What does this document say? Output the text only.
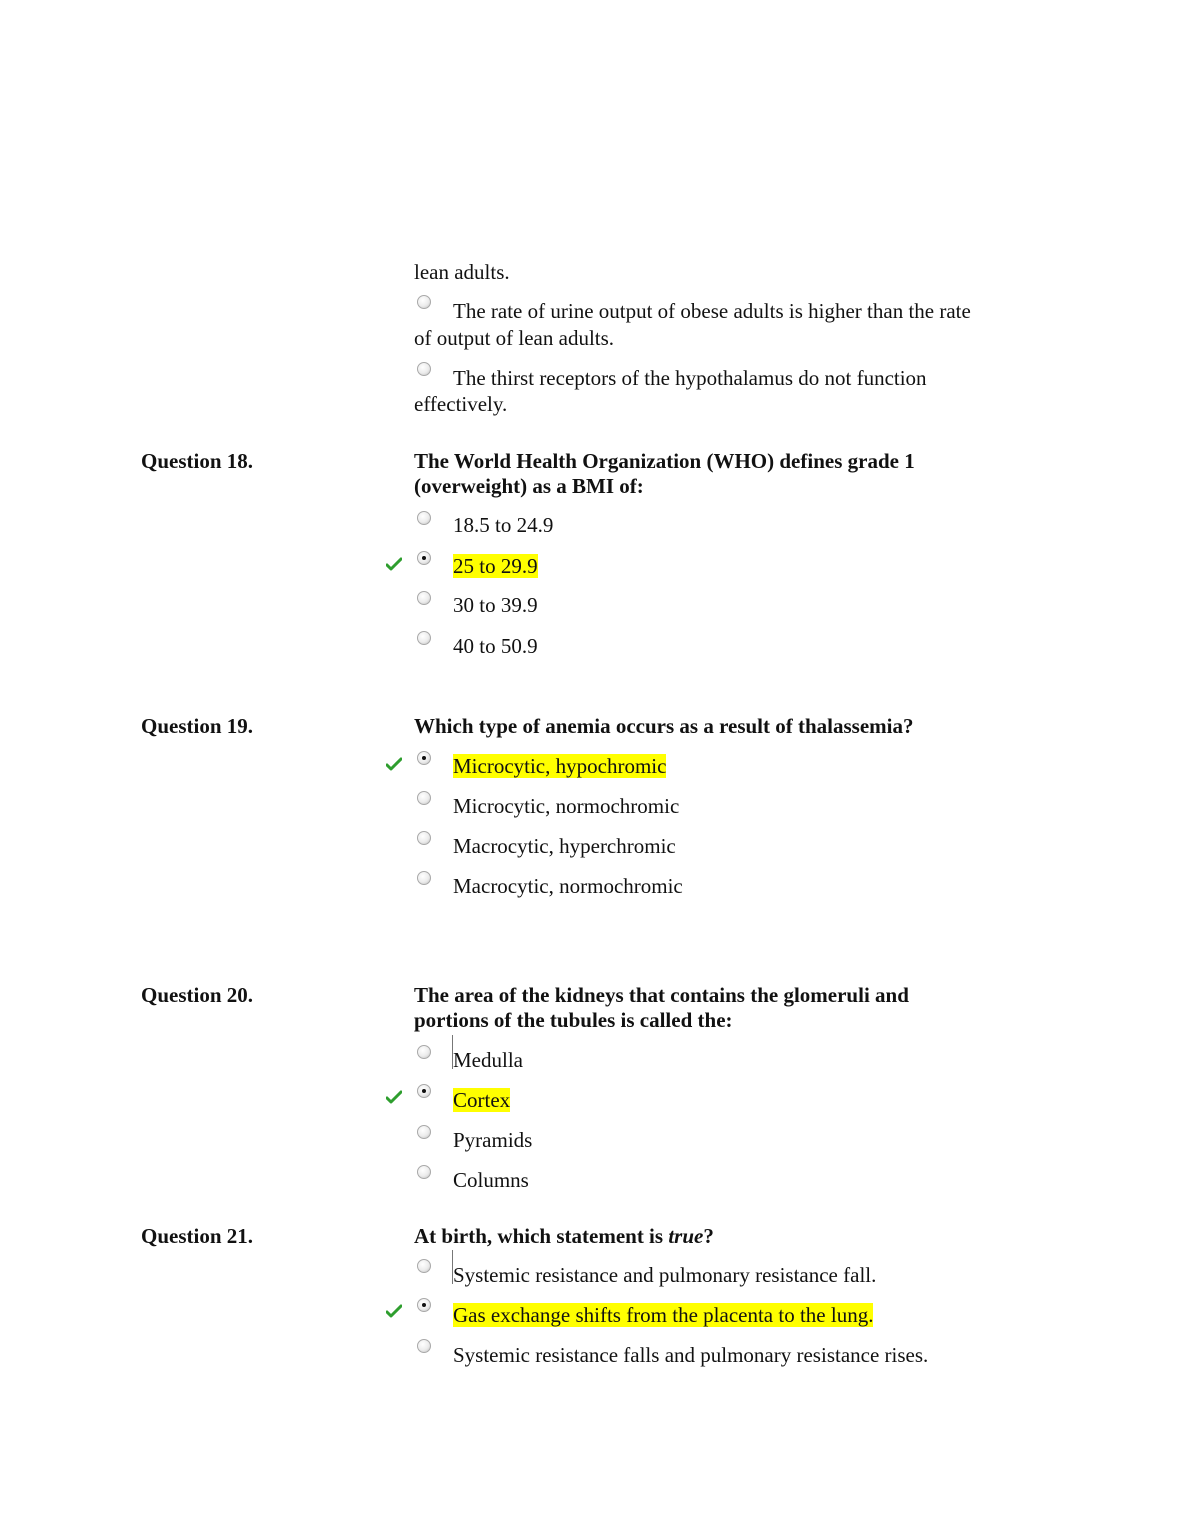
lean adults.
The rate of urine output of obese adults is higher than the rate
of output of lean adults.
The thirst receptors of the hypothalamus do not function
effectively.
Question 18.	The World Health Organization (WHO) defines grade 1
(overweight) as a BMI of:
18.5 to 24.9
25 to 29.9
30 to 39.9
40 to 50.9
Question 19.	Which type of anemia occurs as a result of thalassemia?
Microcytic, hypochromic
Microcytic, normochromic
Macrocytic, hyperchromic
Macrocytic, normochromic
Question 20.	The area of the kidneys that contains the glomeruli and
portions of the tubules is called the:
Medulla
Cortex
Pyramids
Columns
Question 21.	At birth, which statement is true?
Systemic resistance and pulmonary resistance fall.
Gas exchange shifts from the placenta to the lung.
Systemic resistance falls and pulmonary resistance rises.
